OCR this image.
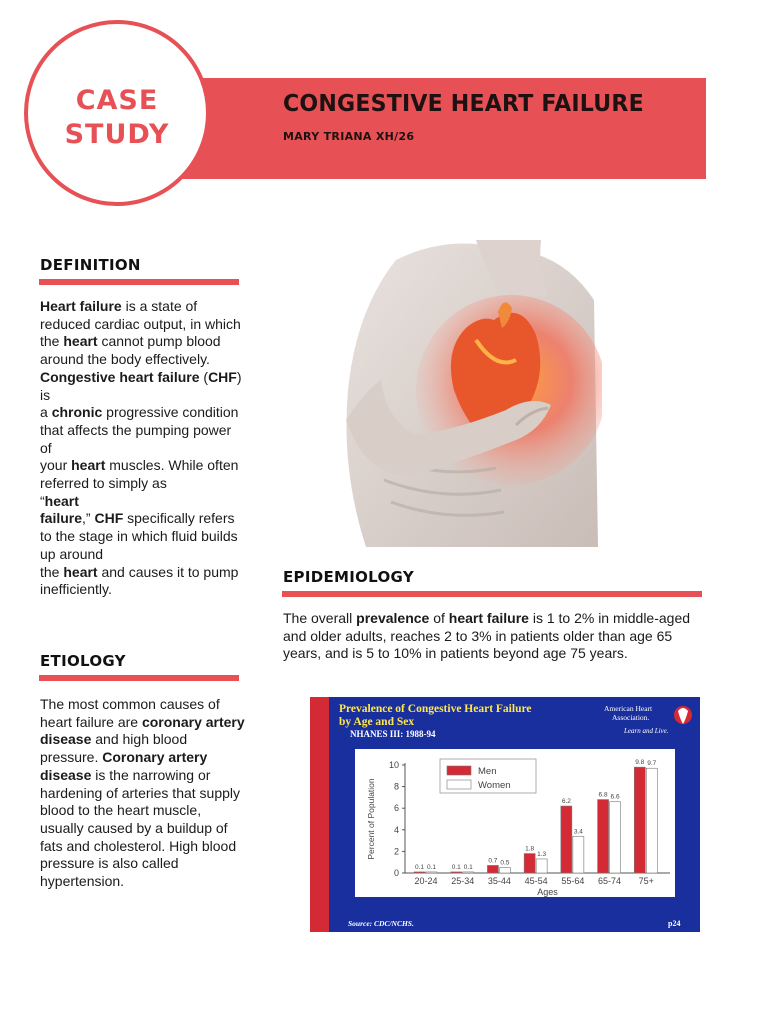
CASE
STUDY
CONGESTIVE HEART FAILURE
MARY TRIANA XH/26
DEFINITION
Heart failure is a state of reduced cardiac output, in which the heart cannot pump blood around the body effectively. Congestive heart failure (CHF) is
a chronic progressive condition that affects the pumping power of
your heart muscles. While often referred to simply as
“heart
failure,” CHF specifically refers to the stage in which fluid builds up around
the heart and causes it to pump inefficiently.
ETIOLOGY
The most common causes of heart failure are coronary artery disease and high blood pressure. Coronary artery disease is the narrowing or hardening of arteries that supply blood to the heart muscle, usually caused by a buildup of fats and cholesterol. High blood pressure is also called hypertension.
EPIDEMIOLOGY
The overall prevalence of heart failure is 1 to 2% in middle-aged and older adults, reaches 2 to 3% in patients older than age 65 years, and is 5 to 10% in patients beyond age 75 years.
Prevalence of Congestive Heart Failure
by Age and Sex
NHANES III: 1988-94
American Heart
Association.
Learn and Live.
0
2
4
6
8
10
Percent of Population
0.1 0.1
20-24
0.1 0.1
25-34
0.7 0.5
35-44
1.8
1.3
45-54
6.2
3.4
55-64
6.8 6.6
65-74
9.8 9.7
75+
Ages
Men
Women
Source: CDC/NCHS.	p24
